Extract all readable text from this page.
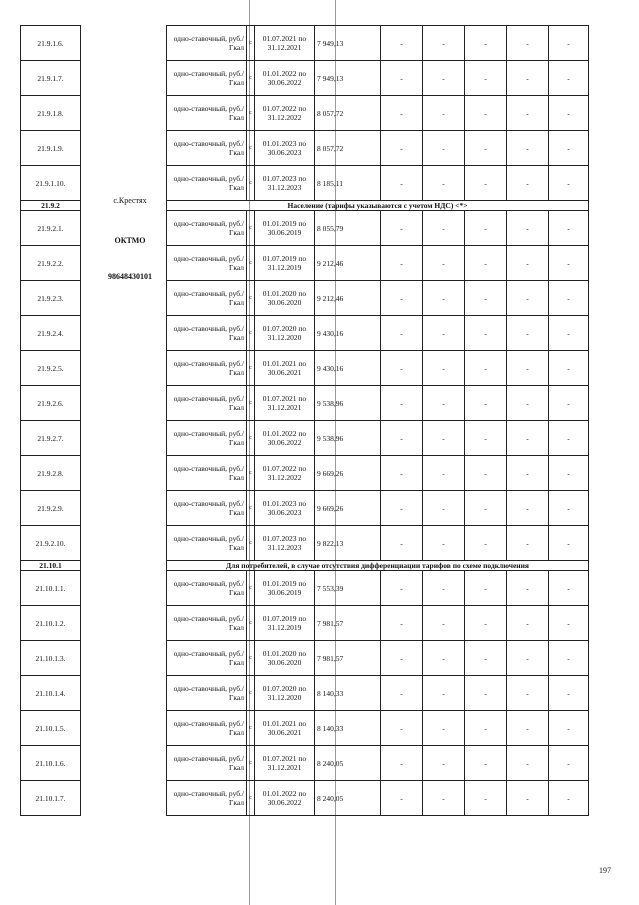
21.9.1.6.		одно-ставочный, руб./Гкал	с	01.07.2021 по 31.12.2021	7 949,13	-	-	-	-	-
21.9.1.7.		одно-ставочный, руб./Гкал	с	01.01.2022 по 30.06.2022	7 949,13	-	-	-	-	-
21.9.1.8.		одно-ставочный, руб./Гкал	с	01.07.2022 по 31.12.2022	8 057,72	-	-	-	-	-
21.9.1.9.		одно-ставочный, руб./Гкал	с	01.01.2023 по 30.06.2023	8 057,72	-	-	-	-	-
21.9.1.10.		одно-ставочный, руб./Гкал	с	01.07.2023 по 31.12.2023	8 185,11	-	-	-	-	-
21.9.2		Население (тарифы указываются с учетом НДС) <*>								
21.9.2.1.		одно-ставочный, руб./Гкал	с	01.01.2019 по 30.06.2019	8 055,79	-	-	-	-	-
21.9.2.2.		одно-ставочный, руб./Гкал	с	01.07.2019 по 31.12.2019	9 212,46	-	-	-	-	-
21.9.2.3.		одно-ставочный, руб./Гкал	с	01.01.2020 по 30.06.2020	9 212,46	-	-	-	-	-
21.9.2.4.		одно-ставочный, руб./Гкал	с	01.07.2020 по 31.12.2020	9 430,16	-	-	-	-	-
21.9.2.5.		одно-ставочный, руб./Гкал	с	01.01.2021 по 30.06.2021	9 430,16	-	-	-	-	-
21.9.2.6.		одно-ставочный, руб./Гкал	с	01.07.2021 по 31.12.2021	9 538,96	-	-	-	-	-
21.9.2.7.		одно-ставочный, руб./Гкал	с	01.01.2022 по 30.06.2022	9 538,96	-	-	-	-	-
21.9.2.8.		одно-ставочный, руб./Гкал	с	01.07.2022 по 31.12.2022	9 669,26	-	-	-	-	-
21.9.2.9.		одно-ставочный, руб./Гкал	с	01.01.2023 по 30.06.2023	9 669,26	-	-	-	-	-
21.9.2.10.		одно-ставочный, руб./Гкал	с	01.07.2023 по 31.12.2023	9 822,13	-	-	-	-	-
21.10.1		Для потребителей, в случае отсутствия дифференциации тарифов по схеме подключения								
21.10.1.1.		одно-ставочный, руб./Гкал	с	01.01.2019 по 30.06.2019	7 553,39	-	-	-	-	-
21.10.1.2.		одно-ставочный, руб./Гкал	с	01.07.2019 по 31.12.2019	7 981,57	-	-	-	-	-
21.10.1.3.		одно-ставочный, руб./Гкал	с	01.01.2020 по 30.06.2020	7 981,57	-	-	-	-	-
21.10.1.4.		одно-ставочный, руб./Гкал	с	01.07.2020 по 31.12.2020	8 140,33	-	-	-	-	-
21.10.1.5.		одно-ставочный, руб./Гкал	с	01.01.2021 по 30.06.2021	8 140,33	-	-	-	-	-
21.10.1.6.		одно-ставочный, руб./Гкал	с	01.07.2021 по 31.12.2021	8 240,05	-	-	-	-	-
21.10.1.7.		одно-ставочный, руб./Гкал	с	01.01.2022 по 30.06.2022	8 240,05	-	-	-	-	-
с.Крестях
ОКТМО
98648430101
197
